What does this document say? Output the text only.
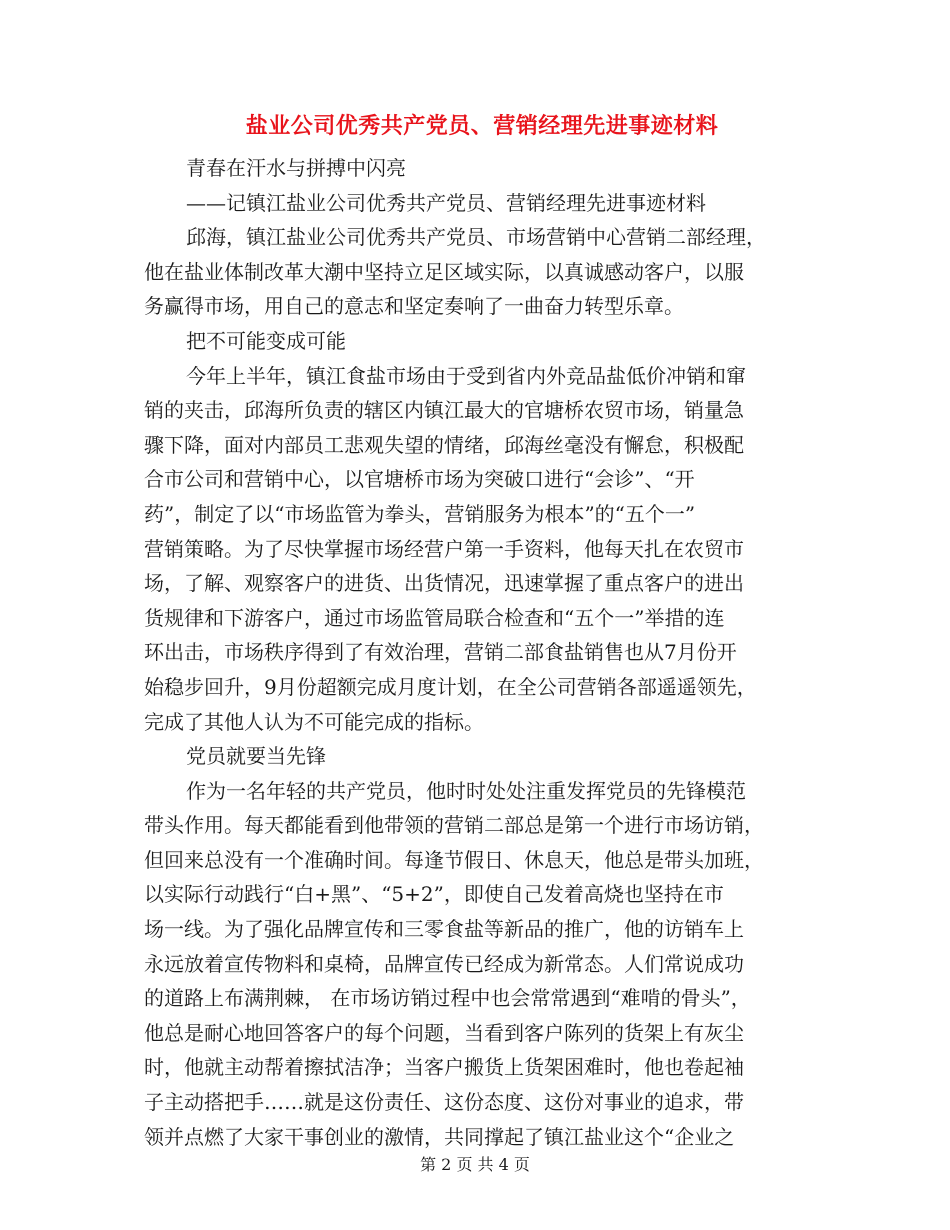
盐业公司优秀共产党员、营销经理先进事迹材料

青春在汗水与拼搏中闪亮

——记镇江盐业公司优秀共产党员、营销经理先进事迹材料

邱海，镇江盐业公司优秀共产党员、市场营销中心营销二部经理，

他在盐业体制改革大潮中坚持立足区域实际，以真诚感动客户，以服

务赢得市场，用自己的意志和坚定奏响了一曲奋力转型乐章。

把不可能变成可能

今年上半年，镇江食盐市场由于受到省内外竞品盐低价冲销和窜

销的夹击，邱海所负责的辖区内镇江最大的官塘桥农贸市场，销量急

骤下降，面对内部员工悲观失望的情绪，邱海丝毫没有懈怠，积极配

合市公司和营销中心，以官塘桥市场为突破口进行“会诊”、“开

药”，制定了以“市场监管为拳头，营销服务为根本”的“五个一”

营销策略。为了尽快掌握市场经营户第一手资料，他每天扎在农贸市

场，了解、观察客户的进货、出货情况，迅速掌握了重点客户的进出

货规律和下游客户，通过市场监管局联合检查和“五个一”举措的连

环出击，市场秩序得到了有效治理，营销二部食盐销售也从7月份开

始稳步回升，9月份超额完成月度计划，在全公司营销各部遥遥领先，

完成了其他人认为不可能完成的指标。

党员就要当先锋

作为一名年轻的共产党员，他时时处处注重发挥党员的先锋模范

带头作用。每天都能看到他带领的营销二部总是第一个进行市场访销，

但回来总没有一个准确时间。每逢节假日、休息天，他总是带头加班，

以实际行动践行“白+黑”、“5+2”，即使自己发着高烧也坚持在市

场一线。为了强化品牌宣传和三零食盐等新品的推广，他的访销车上

永远放着宣传物料和桌椅，品牌宣传已经成为新常态。人们常说成功

的道路上布满荆棘， 在市场访销过程中也会常常遇到“难啃的骨头”，

他总是耐心地回答客户的每个问题，当看到客户陈列的货架上有灰尘

时，他就主动帮着擦拭洁净；当客户搬货上货架困难时，他也卷起袖

子主动搭把手……就是这份责任、这份态度、这份对事业的追求，带

领并点燃了大家干事创业的激情，共同撑起了镇江盐业这个“企业之

第 2 页 共 4 页
